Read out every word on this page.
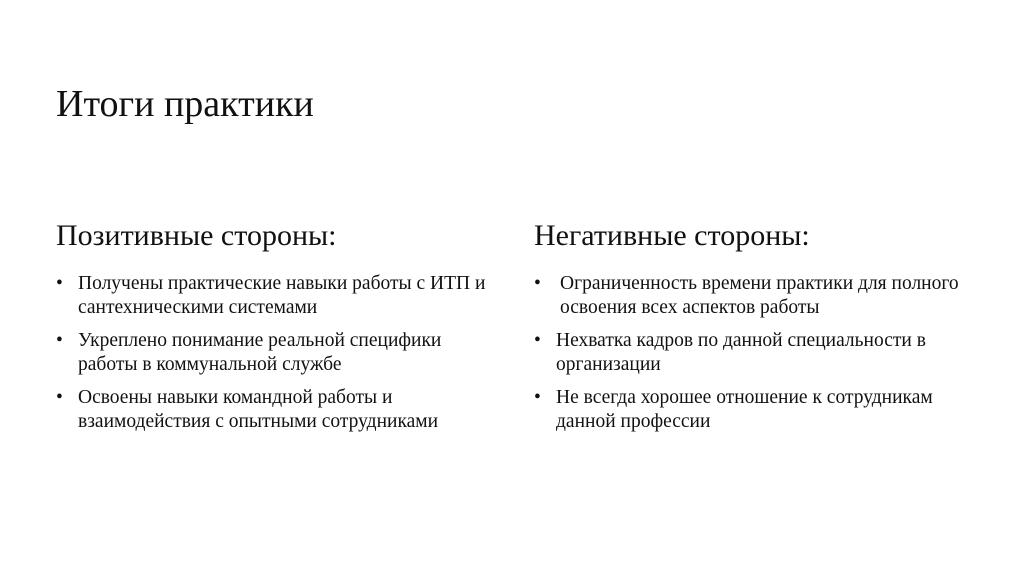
Итоги практики
Позитивные стороны:
• Получены практические навыки работы с ИТП и сантехническими системами
• Укреплено понимание реальной специфики работы в коммунальной службе
• Освоены навыки командной работы и взаимодействия с опытными сотрудниками
Негативные стороны:
• Ограниченность времени практики для полного освоения всех аспектов работы
• Нехватка кадров по данной специальности в организации
• Не всегда хорошее отношение к сотрудникам данной профессии
